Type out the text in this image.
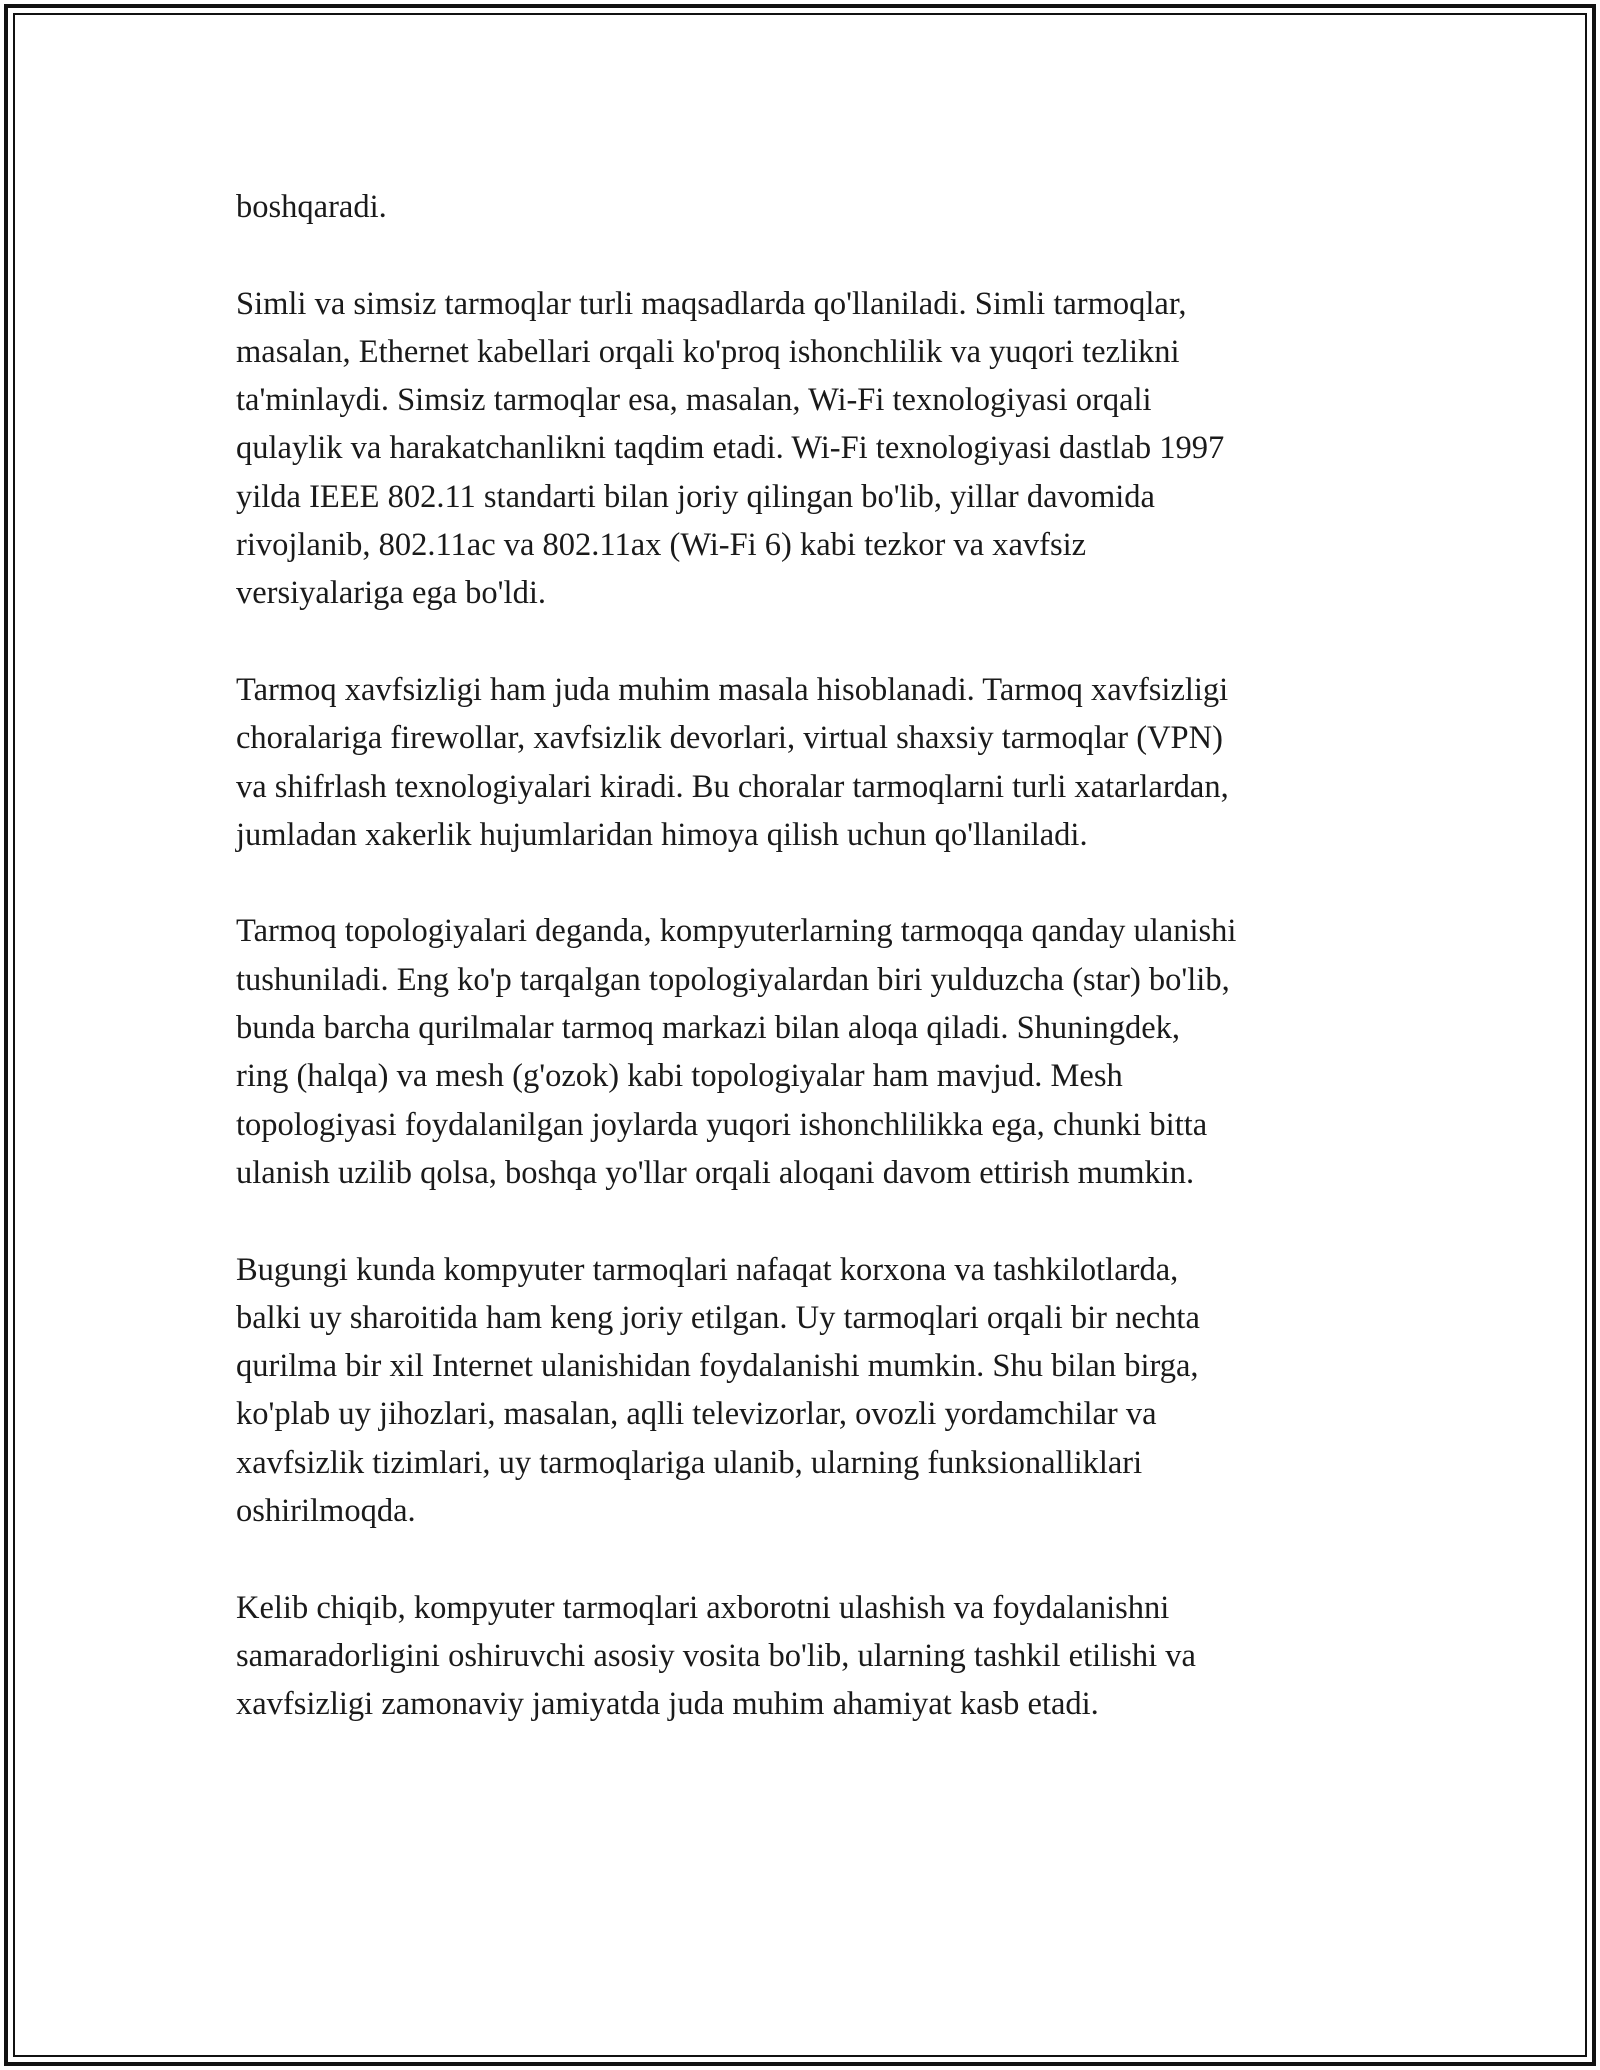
boshqaradi.

Simli va simsiz tarmoqlar turli maqsadlarda qo'llaniladi. Simli tarmoqlar,
masalan, Ethernet kabellari orqali ko'proq ishonchlilik va yuqori tezlikni
ta'minlaydi. Simsiz tarmoqlar esa, masalan, Wi-Fi texnologiyasi orqali
qulaylik va harakatchanlikni taqdim etadi. Wi-Fi texnologiyasi dastlab 1997
yilda IEEE 802.11 standarti bilan joriy qilingan bo'lib, yillar davomida
rivojlanib, 802.11ac va 802.11ax (Wi-Fi 6) kabi tezkor va xavfsiz
versiyalariga ega bo'ldi.

Tarmoq xavfsizligi ham juda muhim masala hisoblanadi. Tarmoq xavfsizligi
choralariga firewollar, xavfsizlik devorlari, virtual shaxsiy tarmoqlar (VPN)
va shifrlash texnologiyalari kiradi. Bu choralar tarmoqlarni turli xatarlardan,
jumladan xakerlik hujumlaridan himoya qilish uchun qo'llaniladi.

Tarmoq topologiyalari deganda, kompyuterlarning tarmoqqa qanday ulanishi
tushuniladi. Eng ko'p tarqalgan topologiyalardan biri yulduzcha (star) bo'lib,
bunda barcha qurilmalar tarmoq markazi bilan aloqa qiladi. Shuningdek,
ring (halqa) va mesh (g'ozok) kabi topologiyalar ham mavjud. Mesh
topologiyasi foydalanilgan joylarda yuqori ishonchlilikka ega, chunki bitta
ulanish uzilib qolsa, boshqa yo'llar orqali aloqani davom ettirish mumkin.

Bugungi kunda kompyuter tarmoqlari nafaqat korxona va tashkilotlarda,
balki uy sharoitida ham keng joriy etilgan. Uy tarmoqlari orqali bir nechta
qurilma bir xil Internet ulanishidan foydalanishi mumkin. Shu bilan birga,
ko'plab uy jihozlari, masalan, aqlli televizorlar, ovozli yordamchilar va
xavfsizlik tizimlari, uy tarmoqlariga ulanib, ularning funksionalliklari
oshirilmoqda.

Kelib chiqib, kompyuter tarmoqlari axborotni ulashish va foydalanishni
samaradorligini oshiruvchi asosiy vosita bo'lib, ularning tashkil etilishi va
xavfsizligi zamonaviy jamiyatda juda muhim ahamiyat kasb etadi.
